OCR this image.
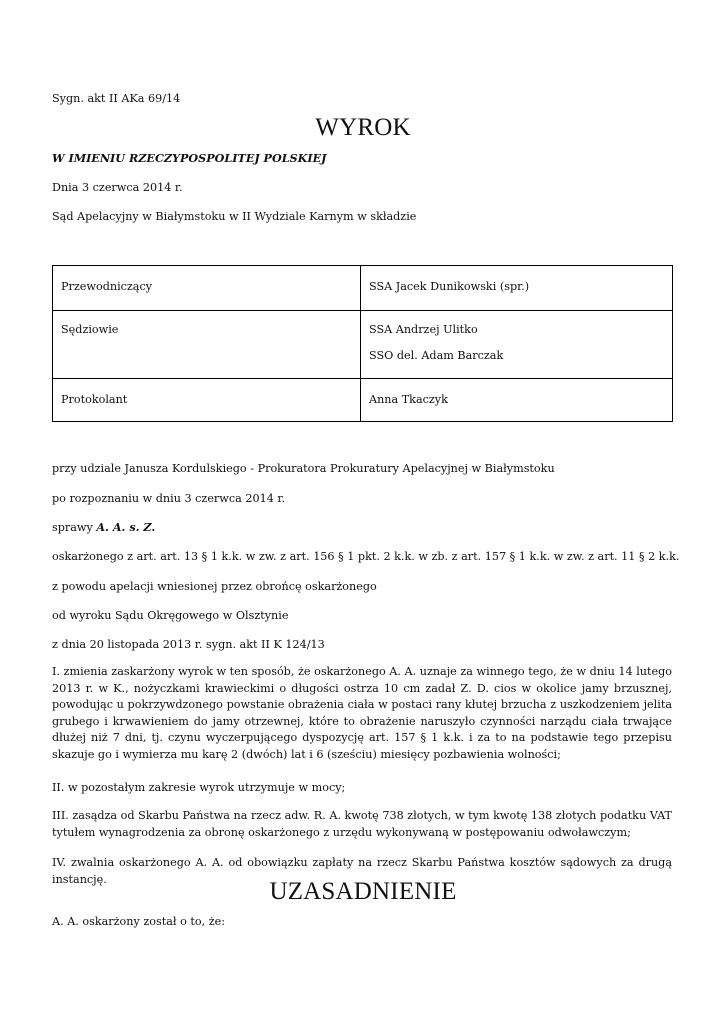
Sygn. akt II AKa 69/14
WYROK
W IMIENIU RZECZYPOSPOLITEJ POLSKIEJ
Dnia 3 czerwca 2014 r.
Sąd Apelacyjny w Białymstoku w II Wydziale Karnym w składzie
Przewodniczący	SSA Jacek Dunikowski (spr.)

Sędziowie	SSA Andrzej Ulitko
SSO del. Adam Barczak

Protokolant	Anna Tkaczyk
przy udziale Janusza Kordulskiego - Prokuratora Prokuratury Apelacyjnej w Białymstoku
po rozpoznaniu w dniu 3 czerwca 2014 r.
sprawy A. A. s. Z.
oskarżonego z art. art. 13 § 1 k.k. w zw. z art. 156 § 1 pkt. 2 k.k. w zb. z art. 157 § 1 k.k. w zw. z art. 11 § 2 k.k.
z powodu apelacji wniesionej przez obrońcę oskarżonego
od wyroku Sądu Okręgowego w Olsztynie
z dnia 20 listopada 2013 r. sygn. akt II K 124/13
I. zmienia zaskarżony wyrok w ten sposób, że oskarżonego A. A. uznaje za winnego tego, że w dniu 14 lutego 2013 r. w K., nożyczkami krawieckimi o długości ostrza 10 cm zadał Z. D. cios w okolice jamy brzusznej, powodując u pokrzywdzonego powstanie obrażenia ciała w postaci rany kłutej brzucha z uszkodzeniem jelita grubego i krwawieniem do jamy otrzewnej, które to obrażenie naruszyło czynności narządu ciała trwające dłużej niż 7 dni, tj. czynu wyczerpującego dyspozycję art. 157 § 1 k.k. i za to na podstawie tego przepisu skazuje go i wymierza mu karę 2 (dwóch) lat i 6 (sześciu) miesięcy pozbawienia wolności;
II. w pozostałym zakresie wyrok utrzymuje w mocy;
III. zasądza od Skarbu Państwa na rzecz adw. R. A. kwotę 738 złotych, w tym kwotę 138 złotych podatku VAT tytułem wynagrodzenia za obronę oskarżonego z urzędu wykonywaną w postępowaniu odwoławczym;
IV. zwalnia oskarżonego A. A. od obowiązku zapłaty na rzecz Skarbu Państwa kosztów sądowych za drugą instancję.	UZASADNIENIE
A. A. oskarżony został o to, że:
